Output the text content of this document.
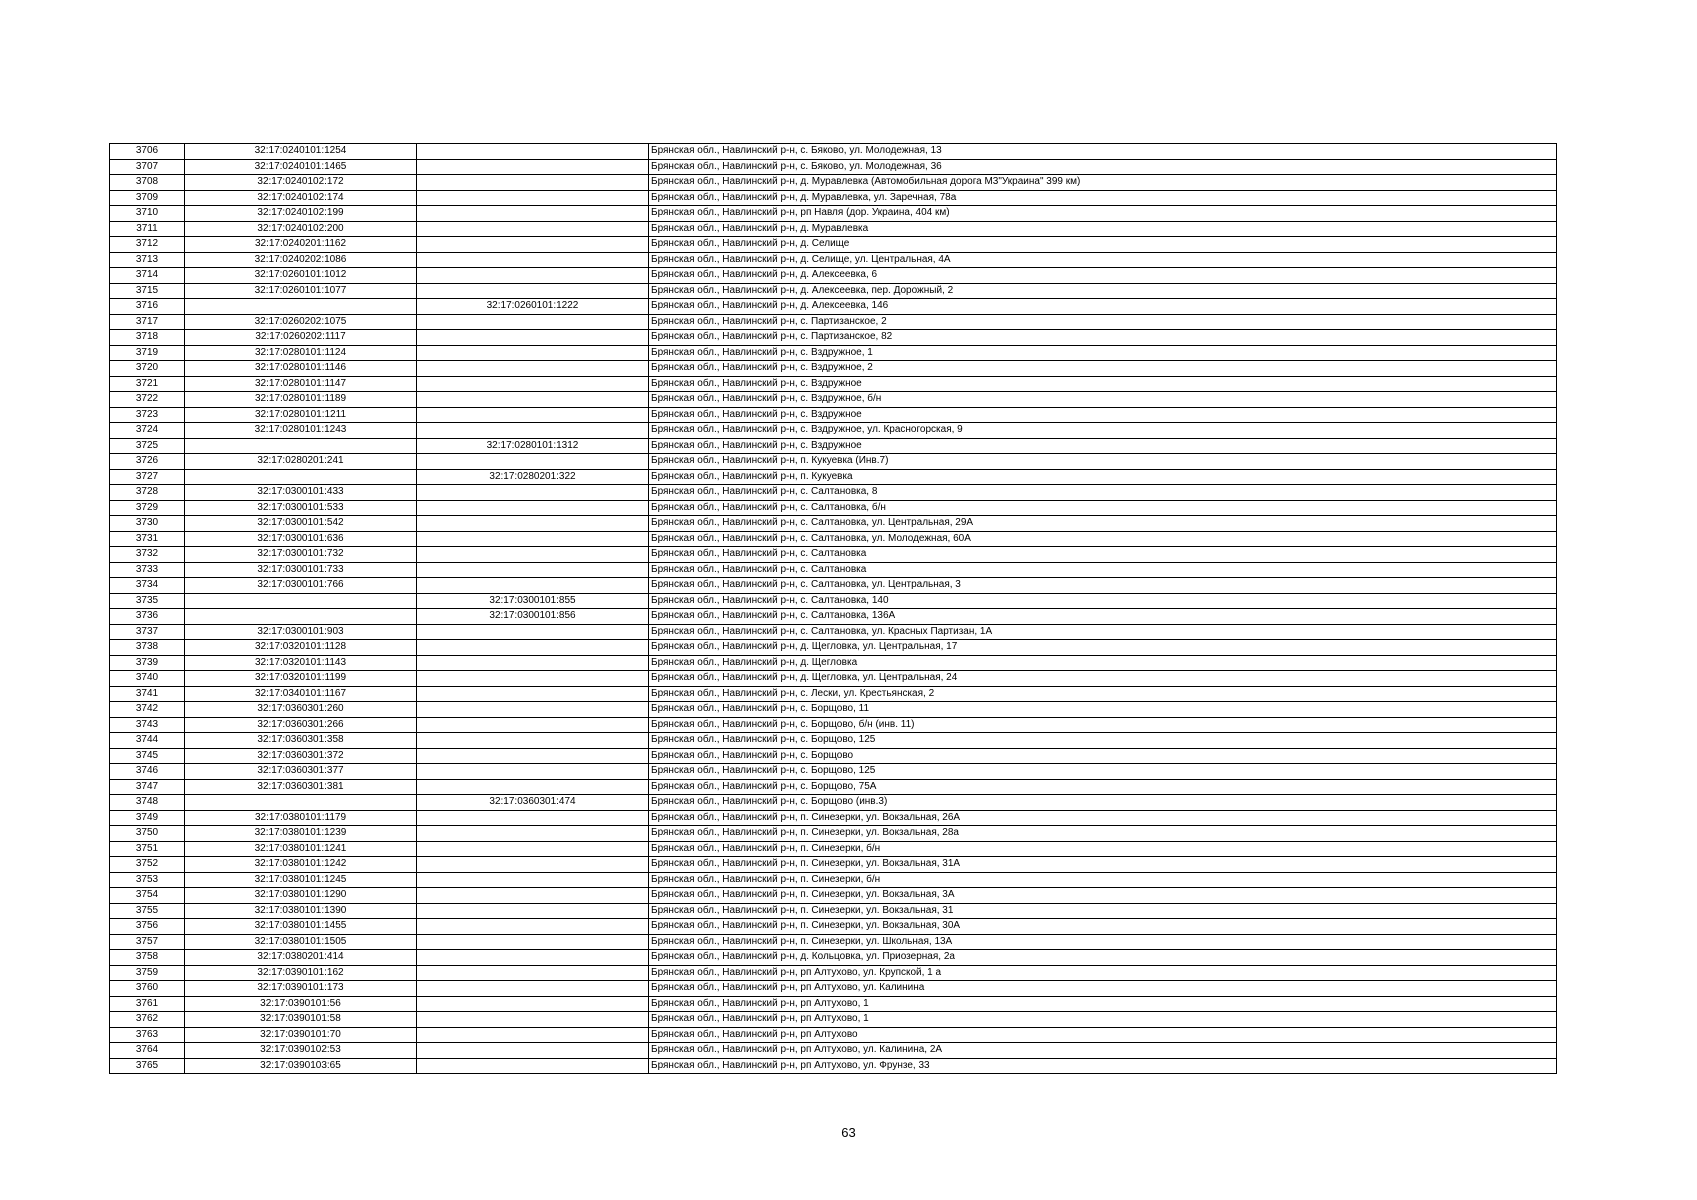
3706	32:17:0240101:1254		Брянская обл., Навлинский р-н, с. Бяково, ул. Молодежная, 13
3707	32:17:0240101:1465		Брянская обл., Навлинский р-н, с. Бяково, ул. Молодежная, 36
3708	32:17:0240102:172		Брянская обл., Навлинский р-н, д. Муравлевка (Автомобильная дорога М3"Украина" 399 км)
3709	32:17:0240102:174		Брянская обл., Навлинский р-н, д. Муравлевка, ул. Заречная, 78а
3710	32:17:0240102:199		Брянская обл., Навлинский р-н, рп Навля (дор. Украина, 404 км)
3711	32:17:0240102:200		Брянская обл., Навлинский р-н, д. Муравлевка
3712	32:17:0240201:1162		Брянская обл., Навлинский р-н, д. Селище
3713	32:17:0240202:1086		Брянская обл., Навлинский р-н, д. Селище, ул. Центральная, 4А
3714	32:17:0260101:1012		Брянская обл., Навлинский р-н, д. Алексеевка, 6
3715	32:17:0260101:1077		Брянская обл., Навлинский р-н, д. Алексеевка, пер. Дорожный, 2
3716		32:17:0260101:1222	Брянская обл., Навлинский р-н, д. Алексеевка, 146
3717	32:17:0260202:1075		Брянская обл., Навлинский р-н, с. Партизанское, 2
3718	32:17:0260202:1117		Брянская обл., Навлинский р-н, с. Партизанское, 82
3719	32:17:0280101:1124		Брянская обл., Навлинский р-н, с. Вздружное, 1
3720	32:17:0280101:1146		Брянская обл., Навлинский р-н, с. Вздружное, 2
3721	32:17:0280101:1147		Брянская обл., Навлинский р-н, с. Вздружное
3722	32:17:0280101:1189		Брянская обл., Навлинский р-н, с. Вздружное, б/н
3723	32:17:0280101:1211		Брянская обл., Навлинский р-н, с. Вздружное
3724	32:17:0280101:1243		Брянская обл., Навлинский р-н, с. Вздружное, ул. Красногорская, 9
3725		32:17:0280101:1312	Брянская обл., Навлинский р-н, с. Вздружное
3726	32:17:0280201:241		Брянская обл., Навлинский р-н, п. Кукуевка (Инв.7)
3727		32:17:0280201:322	Брянская обл., Навлинский р-н, п. Кукуевка
3728	32:17:0300101:433		Брянская обл., Навлинский р-н, с. Салтановка, 8
3729	32:17:0300101:533		Брянская обл., Навлинский р-н, с. Салтановка, б/н
3730	32:17:0300101:542		Брянская обл., Навлинский р-н, с. Салтановка, ул. Центральная, 29А
3731	32:17:0300101:636		Брянская обл., Навлинский р-н, с. Салтановка, ул. Молодежная, 60А
3732	32:17:0300101:732		Брянская обл., Навлинский р-н, с. Салтановка
3733	32:17:0300101:733		Брянская обл., Навлинский р-н, с. Салтановка
3734	32:17:0300101:766		Брянская обл., Навлинский р-н, с. Салтановка, ул. Центральная, 3
3735		32:17:0300101:855	Брянская обл., Навлинский р-н, с. Салтановка, 140
3736		32:17:0300101:856	Брянская обл., Навлинский р-н, с. Салтановка, 136А
3737	32:17:0300101:903		Брянская обл., Навлинский р-н, с. Салтановка, ул. Красных Партизан, 1А
3738	32:17:0320101:1128		Брянская обл., Навлинский р-н, д. Щегловка, ул. Центральная, 17
3739	32:17:0320101:1143		Брянская обл., Навлинский р-н, д. Щегловка
3740	32:17:0320101:1199		Брянская обл., Навлинский р-н, д. Щегловка, ул. Центральная, 24
3741	32:17:0340101:1167		Брянская обл., Навлинский р-н, с. Лески, ул. Крестьянская, 2
3742	32:17:0360301:260		Брянская обл., Навлинский р-н, с. Борщово, 11
3743	32:17:0360301:266		Брянская обл., Навлинский р-н, с. Борщово, б/н (инв. 11)
3744	32:17:0360301:358		Брянская обл., Навлинский р-н, с. Борщово, 125
3745	32:17:0360301:372		Брянская обл., Навлинский р-н, с. Борщово
3746	32:17:0360301:377		Брянская обл., Навлинский р-н, с. Борщово, 125
3747	32:17:0360301:381		Брянская обл., Навлинский р-н, с. Борщово, 75А
3748		32:17:0360301:474	Брянская обл., Навлинский р-н, с. Борщово (инв.3)
3749	32:17:0380101:1179		Брянская обл., Навлинский р-н, п. Синезерки, ул. Вокзальная, 26А
3750	32:17:0380101:1239		Брянская обл., Навлинский р-н, п. Синезерки, ул. Вокзальная, 28а
3751	32:17:0380101:1241		Брянская обл., Навлинский р-н, п. Синезерки, б/н
3752	32:17:0380101:1242		Брянская обл., Навлинский р-н, п. Синезерки, ул. Вокзальная, 31А
3753	32:17:0380101:1245		Брянская обл., Навлинский р-н, п. Синезерки, б/н
3754	32:17:0380101:1290		Брянская обл., Навлинский р-н, п. Синезерки, ул. Вокзальная, 3А
3755	32:17:0380101:1390		Брянская обл., Навлинский р-н, п. Синезерки, ул. Вокзальная, 31
3756	32:17:0380101:1455		Брянская обл., Навлинский р-н, п. Синезерки, ул. Вокзальная, 30А
3757	32:17:0380101:1505		Брянская обл., Навлинский р-н, п. Синезерки, ул. Школьная, 13А
3758	32:17:0380201:414		Брянская обл., Навлинский р-н, д. Кольцовка, ул. Приозерная, 2а
3759	32:17:0390101:162		Брянская обл., Навлинский р-н, рп Алтухово, ул. Крупской, 1 а
3760	32:17:0390101:173		Брянская обл., Навлинский р-н, рп Алтухово, ул. Калинина
3761	32:17:0390101:56		Брянская обл., Навлинский р-н, рп Алтухово, 1
3762	32:17:0390101:58		Брянская обл., Навлинский р-н, рп Алтухово, 1
3763	32:17:0390101:70		Брянская обл., Навлинский р-н, рп Алтухово
3764	32:17:0390102:53		Брянская обл., Навлинский р-н, рп Алтухово, ул. Калинина, 2А
3765	32:17:0390103:65		Брянская обл., Навлинский р-н, рп Алтухово, ул. Фрунзе, 33
63
